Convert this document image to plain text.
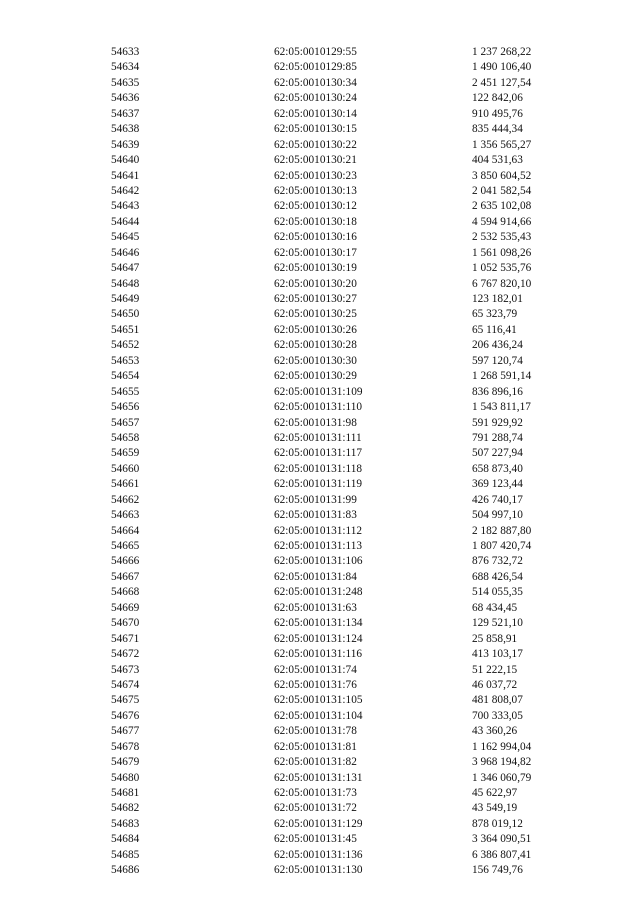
54633	62:05:0010129:55	1 237 268,22
54634	62:05:0010129:85	1 490 106,40
54635	62:05:0010130:34	2 451 127,54
54636	62:05:0010130:24	122 842,06
54637	62:05:0010130:14	910 495,76
54638	62:05:0010130:15	835 444,34
54639	62:05:0010130:22	1 356 565,27
54640	62:05:0010130:21	404 531,63
54641	62:05:0010130:23	3 850 604,52
54642	62:05:0010130:13	2 041 582,54
54643	62:05:0010130:12	2 635 102,08
54644	62:05:0010130:18	4 594 914,66
54645	62:05:0010130:16	2 532 535,43
54646	62:05:0010130:17	1 561 098,26
54647	62:05:0010130:19	1 052 535,76
54648	62:05:0010130:20	6 767 820,10
54649	62:05:0010130:27	123 182,01
54650	62:05:0010130:25	65 323,79
54651	62:05:0010130:26	65 116,41
54652	62:05:0010130:28	206 436,24
54653	62:05:0010130:30	597 120,74
54654	62:05:0010130:29	1 268 591,14
54655	62:05:0010131:109	836 896,16
54656	62:05:0010131:110	1 543 811,17
54657	62:05:0010131:98	591 929,92
54658	62:05:0010131:111	791 288,74
54659	62:05:0010131:117	507 227,94
54660	62:05:0010131:118	658 873,40
54661	62:05:0010131:119	369 123,44
54662	62:05:0010131:99	426 740,17
54663	62:05:0010131:83	504 997,10
54664	62:05:0010131:112	2 182 887,80
54665	62:05:0010131:113	1 807 420,74
54666	62:05:0010131:106	876 732,72
54667	62:05:0010131:84	688 426,54
54668	62:05:0010131:248	514 055,35
54669	62:05:0010131:63	68 434,45
54670	62:05:0010131:134	129 521,10
54671	62:05:0010131:124	25 858,91
54672	62:05:0010131:116	413 103,17
54673	62:05:0010131:74	51 222,15
54674	62:05:0010131:76	46 037,72
54675	62:05:0010131:105	481 808,07
54676	62:05:0010131:104	700 333,05
54677	62:05:0010131:78	43 360,26
54678	62:05:0010131:81	1 162 994,04
54679	62:05:0010131:82	3 968 194,82
54680	62:05:0010131:131	1 346 060,79
54681	62:05:0010131:73	45 622,97
54682	62:05:0010131:72	43 549,19
54683	62:05:0010131:129	878 019,12
54684	62:05:0010131:45	3 364 090,51
54685	62:05:0010131:136	6 386 807,41
54686	62:05:0010131:130	156 749,76
